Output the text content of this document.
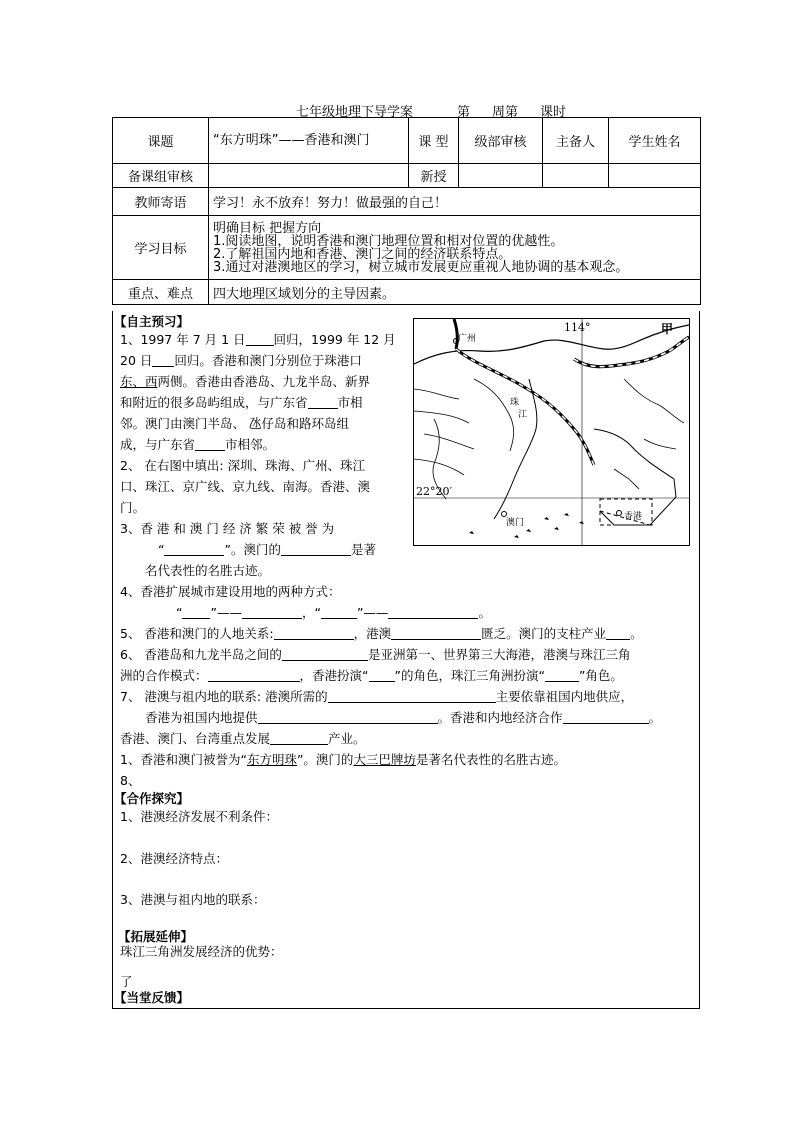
七年级地理下导学案	第 周第 课时
课题	“东方明珠”——香港和澳门	课 型	级部审核	主备人	学生姓名
备课组审核		新授			
教师寄语	学习！永不放弃！努力！做最强的自己！				
学习目标	明确目标 把握方向
1.阅读地图，说明香港和澳门地理位置和相对位置的优越性。
2.了解祖国内地和香港、澳门之间的经济联系特点。
3.通过对港澳地区的学习，树立城市发展更应重视人地协调的基本观念。				

重点、难点	四大地理区域划分的主导因素。				
114°	甲
广州
珠
江
22°20′
澳门
香港
【自主预习】
1、1997 年 7 月 1 日 回归，1999 年 12 月
20 日 回归。香港和澳门分别位于珠港口
东、西两侧。香港由香港岛、九龙半岛、新界
和附近的很多岛屿组成，与广东省 市相
邻。澳门由澳门半岛、 氹仔岛和路环岛组
成，与广东省 市相邻。
2、 在右图中填出: 深圳、珠海、广州、珠江
口、珠江、京广线、京九线、南海。香港、澳
门。
3、香 港 和 澳 门 经 济 繁 荣 被 誉 为
“	”。澳门的	是著
名代表性的名胜古迹。
4、香港扩展城市建设用地的两种方式：
“ ”——	，“	”——	。
5、 香港和澳门的人地关系:	，港澳	匮乏。澳门的支柱产业 。
6、 香港岛和九龙半岛之间的	是亚洲第一、世界第三大海港，港澳与珠江三角
洲的合作模式：	，香港扮演“ ”的角色，珠江三角洲扮演“	”角色。
7、 港澳与祖内地的联系: 港澳所需的	主要依靠祖国内地供应，
香港为祖国内地提供	。香港和内地经济合作	。
香港、澳门、台湾重点发展	产业。
1、香港和澳门被誉为“东方明珠”。澳门的大三巴牌坊是著名代表性的名胜古迹。
8、
【合作探究】
1、港澳经济发展不利条件：
2、港澳经济特点：
3、港澳与祖内地的联系：
【拓展延伸】
珠江三角洲发展经济的优势：
了
【当堂反馈】
